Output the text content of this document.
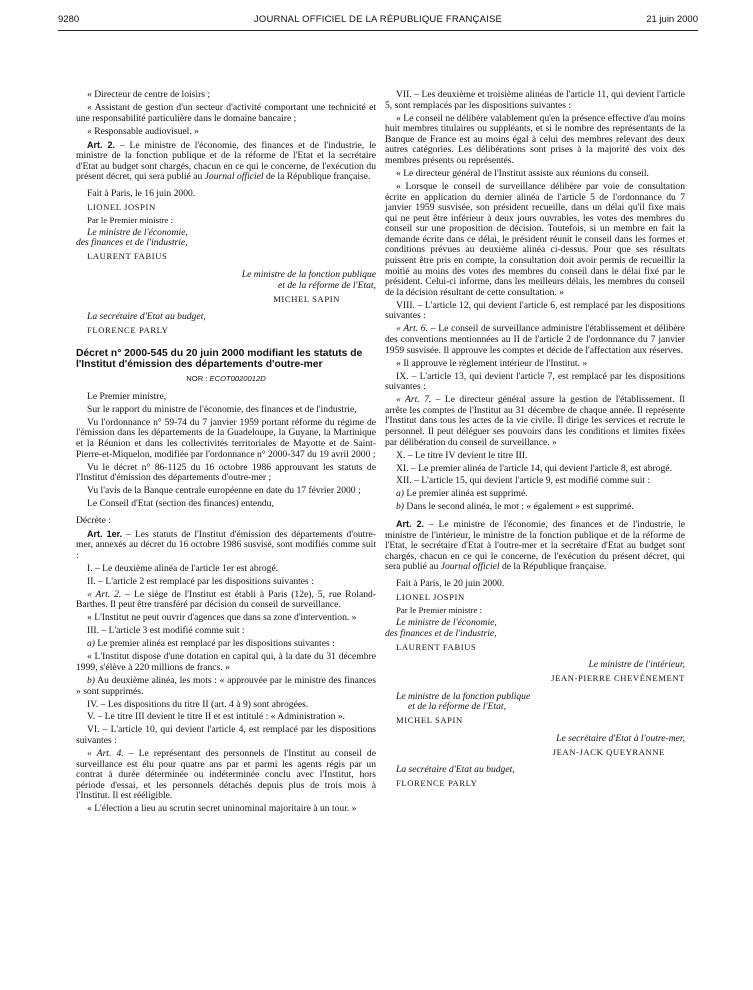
9280	JOURNAL OFFICIEL DE LA RÉPUBLIQUE FRANÇAISE	21 juin 2000

« Directeur de centre de loisirs ;

« Assistant de gestion d'un secteur d'activité comportant une technicité et une responsabilité particulière dans le domaine bancaire ;

« Responsable audiovisuel. »

Art. 2. – Le ministre de l'économie, des finances et de l'industrie, le ministre de la fonction publique et de la réforme de l'Etat et la secrétaire d'Etat au budget sont chargés, chacun en ce qui le concerne, de l'exécution du présent décret, qui sera publié au Journal officiel de la République française.

Fait à Paris, le 16 juin 2000.

LIONEL JOSPIN

Par le Premier ministre :

Le ministre de l'économie,
des finances et de l'industrie,

LAURENT FABIUS

Le ministre de la fonction publique
et de la réforme de l'Etat,

MICHEL SAPIN

La secrétaire d'Etat au budget,

FLORENCE PARLY

Décret n° 2000-545 du 20 juin 2000 modifiant les statuts de l'Institut d'émission des départements d'outre-mer
NOR : ECOT0020012D

Le Premier ministre,

Sur le rapport du ministre de l'économie, des finances et de l'industrie,

Vu l'ordonnance n° 59-74 du 7 janvier 1959 portant réforme du régime de l'émission dans les départements de la Guadeloupe, la Guyane, la Martinique et la Réunion et dans les collectivités territoriales de Mayotte et de Saint-Pierre-et-Miquelon, modifiée par l'ordonnance n° 2000-347 du 19 avril 2000 ;

Vu le décret n° 86-1125 du 16 octobre 1986 approuvant les statuts de l'Institut d'émission des départements d'outre-mer ;

Vu l'avis de la Banque centrale européenne en date du 17 février 2000 ;

Le Conseil d'Etat (section des finances) entendu,

Décrète :

Art. 1er. – Les statuts de l'Institut d'émission des départements d'outre-mer, annexés au décret du 16 octobre 1986 susvisé, sont modifiés comme suit :

I. – Le deuxième alinéa de l'article 1er est abrogé.

II. – L'article 2 est remplacé par les dispositions suivantes :

« Art. 2. – Le siège de l'Institut est établi à Paris (12e), 5, rue Roland-Barthes. Il peut être transféré par décision du conseil de surveillance.

« L'Institut ne peut ouvrir d'agences que dans sa zone d'intervention. »

III. – L'article 3 est modifié comme suit :

a) Le premier alinéa est remplacé par les dispositions suivantes :

« L'Institut dispose d'une dotation en capital qui, à la date du 31 décembre 1999, s'élève à 220 millions de francs. »

b) Au deuxième alinéa, les mots : « approuvée par le ministre des finances » sont supprimés.

IV. – Les dispositions du titre II (art. 4 à 9) sont abrogées.

V. – Le titre III devient le titre II et est intitulé : « Administration ».

VI. – L'article 10, qui devient l'article 4, est remplacé par les dispositions suivantes :

« Art. 4. – Le représentant des personnels de l'Institut au conseil de surveillance est élu pour quatre ans par et parmi les agents régis par un contrat à durée déterminée ou indéterminée conclu avec l'Institut, hors période d'essai, et les personnels détachés depuis plus de trois mois à l'Institut. Il est rééligible.

« L'élection a lieu au scrutin secret uninominal majoritaire à un tour. »

VII. – Les deuxième et troisième alinéas de l'article 11, qui devient l'article 5, sont remplacés par les dispositions suivantes :

« Le conseil ne délibère valablement qu'en la présence effective d'au moins huit membres titulaires ou suppléants, et si le nombre des représentants de la Banque de France est au moins égal à celui des membres relevant des deux autres catégories. Les délibérations sont prises à la majorité des voix des membres présents ou représentés.

« Le directeur général de l'Institut assiste aux réunions du conseil.

« Lorsque le conseil de surveillance délibère par voie de consultation écrite en application du dernier alinéa de l'article 5 de l'ordonnance du 7 janvier 1959 susvisée, son président recueille, dans un délai qu'il fixe mais qui ne peut être inférieur à deux jours ouvrables, les votes des membres du conseil sur une proposition de décision. Toutefois, si un membre en fait la demande écrite dans ce délai, le président réunit le conseil dans les formes et conditions prévues au deuxième alinéa ci-dessus. Pour que ses résultats puissent être pris en compte, la consultation doit avoir permis de recueillir la moitié au moins des votes des membres du conseil dans le délai fixé par le président. Celui-ci informe, dans les meilleurs délais, les membres du conseil de la décision résultant de cette consultation. »

VIII. – L'article 12, qui devient l'article 6, est remplacé par les dispositions suivantes :

« Art. 6. – Le conseil de surveillance administre l'établissement et délibère des conventions mentionnées au II de l'article 2 de l'ordonnance du 7 janvier 1959 susvisée. Il approuve les comptes et décide de l'affectation aux réserves.

« Il approuve le règlement intérieur de l'Institut. »

IX. – L'article 13, qui devient l'article 7, est remplacé par les dispositions suivantes :

« Art. 7. – Le directeur général assure la gestion de l'établissement. Il arrête les comptes de l'Institut au 31 décembre de chaque année. Il représente l'Institut dans tous les actes de la vie civile. Il dirige les services et recrute le personnel. Il peut déléguer ses pouvoirs dans les conditions et limites fixées par délibération du conseil de surveillance. »

X. – Le titre IV devient le titre III.

XI. – Le premier alinéa de l'article 14, qui devient l'article 8, est abrogé.

XII. – L'article 15, qui devient l'article 9, est modifié comme suit :

a) Le premier alinéa est supprimé.

b) Dans le second alinéa, le mot : « également » est supprimé.

Art. 2. – Le ministre de l'économie, des finances et de l'industrie, le ministre de l'intérieur, le ministre de la fonction publique et de la réforme de l'Etat, le secrétaire d'Etat à l'outre-mer et la secrétaire d'Etat au budget sont chargés, chacun en ce qui le concerne, de l'exécution du présent décret, qui sera publié au Journal officiel de la République française.

Fait à Paris, le 20 juin 2000.

LIONEL JOSPIN

Par le Premier ministre :

Le ministre de l'économie,
des finances et de l'industrie,

LAURENT FABIUS

Le ministre de l'intérieur,

JEAN-PIERRE CHEVÈNEMENT

Le ministre de la fonction publique

et de la réforme de l'Etat,

MICHEL SAPIN

Le secrétaire d'Etat à l'outre-mer,

JEAN-JACK QUEYRANNE

La secrétaire d'Etat au budget,

FLORENCE PARLY
